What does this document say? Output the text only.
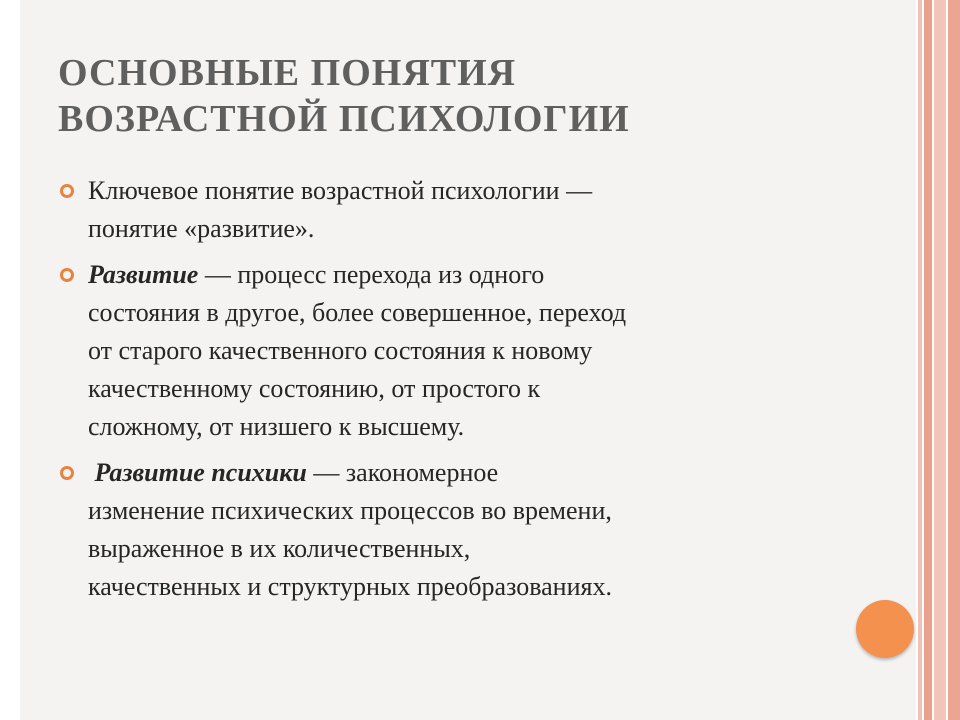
ОСНОВНЫЕ ПОНЯТИЯ
ВОЗРАСТНОЙ ПСИХОЛОГИИ
Ключевое понятие возрастной психологии —
понятие «развитие».
Развитие — процесс перехода из одного
состояния в другое, более совершенное, переход
от старого качественного состояния к новому
качественному состоянию, от простого к
сложному, от низшего к высшему.
Развитие психики — закономерное
изменение психических процессов во времени,
выраженное в их количественных,
качественных и структурных преобразованиях.
